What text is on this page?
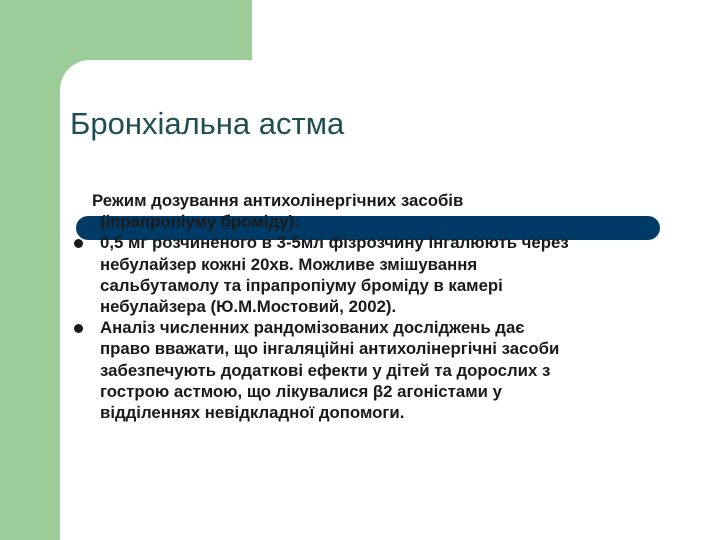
Бронхіальна астма

Режим дозування антихолінергічних засобів
(іпрапропіуму броміду):

0,5 мг розчиненого в 3-5мл фізрозчину інгалюють через
небулайзер кожні 20хв. Можливе змішування
сальбутамолу та іпрапропіуму броміду в камері
небулайзера (Ю.М.Мостовий, 2002).
Аналіз численних рандомізованих досліджень дає
право вважати, що інгаляційні антихолінергічні засоби
забезпечують додаткові ефекти у дітей та дорослих з
гострою астмою, що лікувалися β2 агоністами у
відділеннях невідкладної допомоги.
